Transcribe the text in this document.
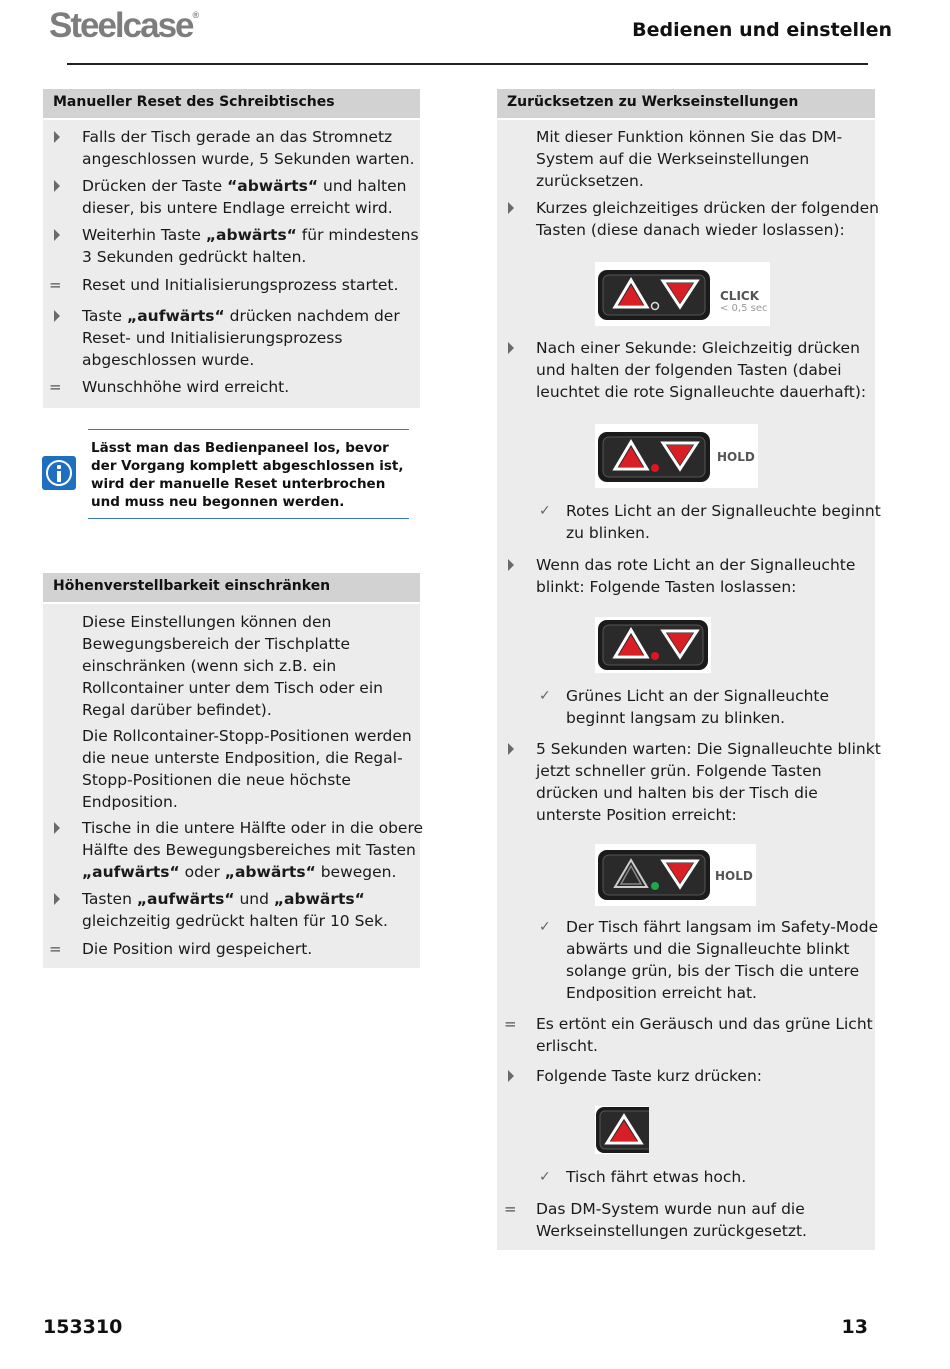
Steelcase®
Bedienen und einstellen
Manueller Reset des Schreibtisches
Falls der Tisch gerade an das Stromnetz
angeschlossen wurde, 5 Sekunden warten.
Drücken der Taste “abwärts“ und halten
dieser, bis untere Endlage erreicht wird.
Weiterhin Taste „abwärts“ für mindestens
3 Sekunden gedrückt halten.
= Reset und Initialisierungsprozess startet.
Taste „aufwärts“ drücken nachdem der
Reset- und Initialisierungsprozess
abgeschlossen wurde.
= Wunschhöhe wird erreicht.
Lässt man das Bedienpaneel los, bevor
der Vorgang komplett abgeschlossen ist,
wird der manuelle Reset unterbrochen
und muss neu begonnen werden.
Höhenverstellbarkeit einschränken
Diese Einstellungen können den
Bewegungsbereich der Tischplatte
einschränken (wenn sich z.B. ein
Rollcontainer unter dem Tisch oder ein
Regal darüber befindet).
Die Rollcontainer-Stopp-Positionen werden
die neue unterste Endposition, die Regal-
Stopp-Positionen die neue höchste
Endposition.
Tische in die untere Hälfte oder in die obere
Hälfte des Bewegungsbereiches mit Tasten
„aufwärts“ oder „abwärts“ bewegen.
Tasten „aufwärts“ und „abwärts“
gleichzeitig gedrückt halten für 10 Sek.
= Die Position wird gespeichert.
Zurücksetzen zu Werkseinstellungen
Mit dieser Funktion können Sie das DM-
System auf die Werkseinstellungen
zurücksetzen.
Kurzes gleichzeitiges drücken der folgenden
Tasten (diese danach wieder loslassen):
CLICK
< 0,5 sec
Nach einer Sekunde: Gleichzeitig drücken
und halten der folgenden Tasten (dabei
leuchtet die rote Signalleuchte dauerhaft):
HOLD
✓ Rotes Licht an der Signalleuchte beginnt
zu blinken.
Wenn das rote Licht an der Signalleuchte
blinkt: Folgende Tasten loslassen:
✓ Grünes Licht an der Signalleuchte
beginnt langsam zu blinken.
5 Sekunden warten: Die Signalleuchte blinkt
jetzt schneller grün. Folgende Tasten
drücken und halten bis der Tisch die
unterste Position erreicht:
HOLD
✓ Der Tisch fährt langsam im Safety-Mode
abwärts und die Signalleuchte blinkt
solange grün, bis der Tisch die untere
Endposition erreicht hat.
= Es ertönt ein Geräusch und das grüne Licht
erlischt.
Folgende Taste kurz drücken:
✓ Tisch fährt etwas hoch.
= Das DM-System wurde nun auf die
Werkseinstellungen zurückgesetzt.
153310	13
